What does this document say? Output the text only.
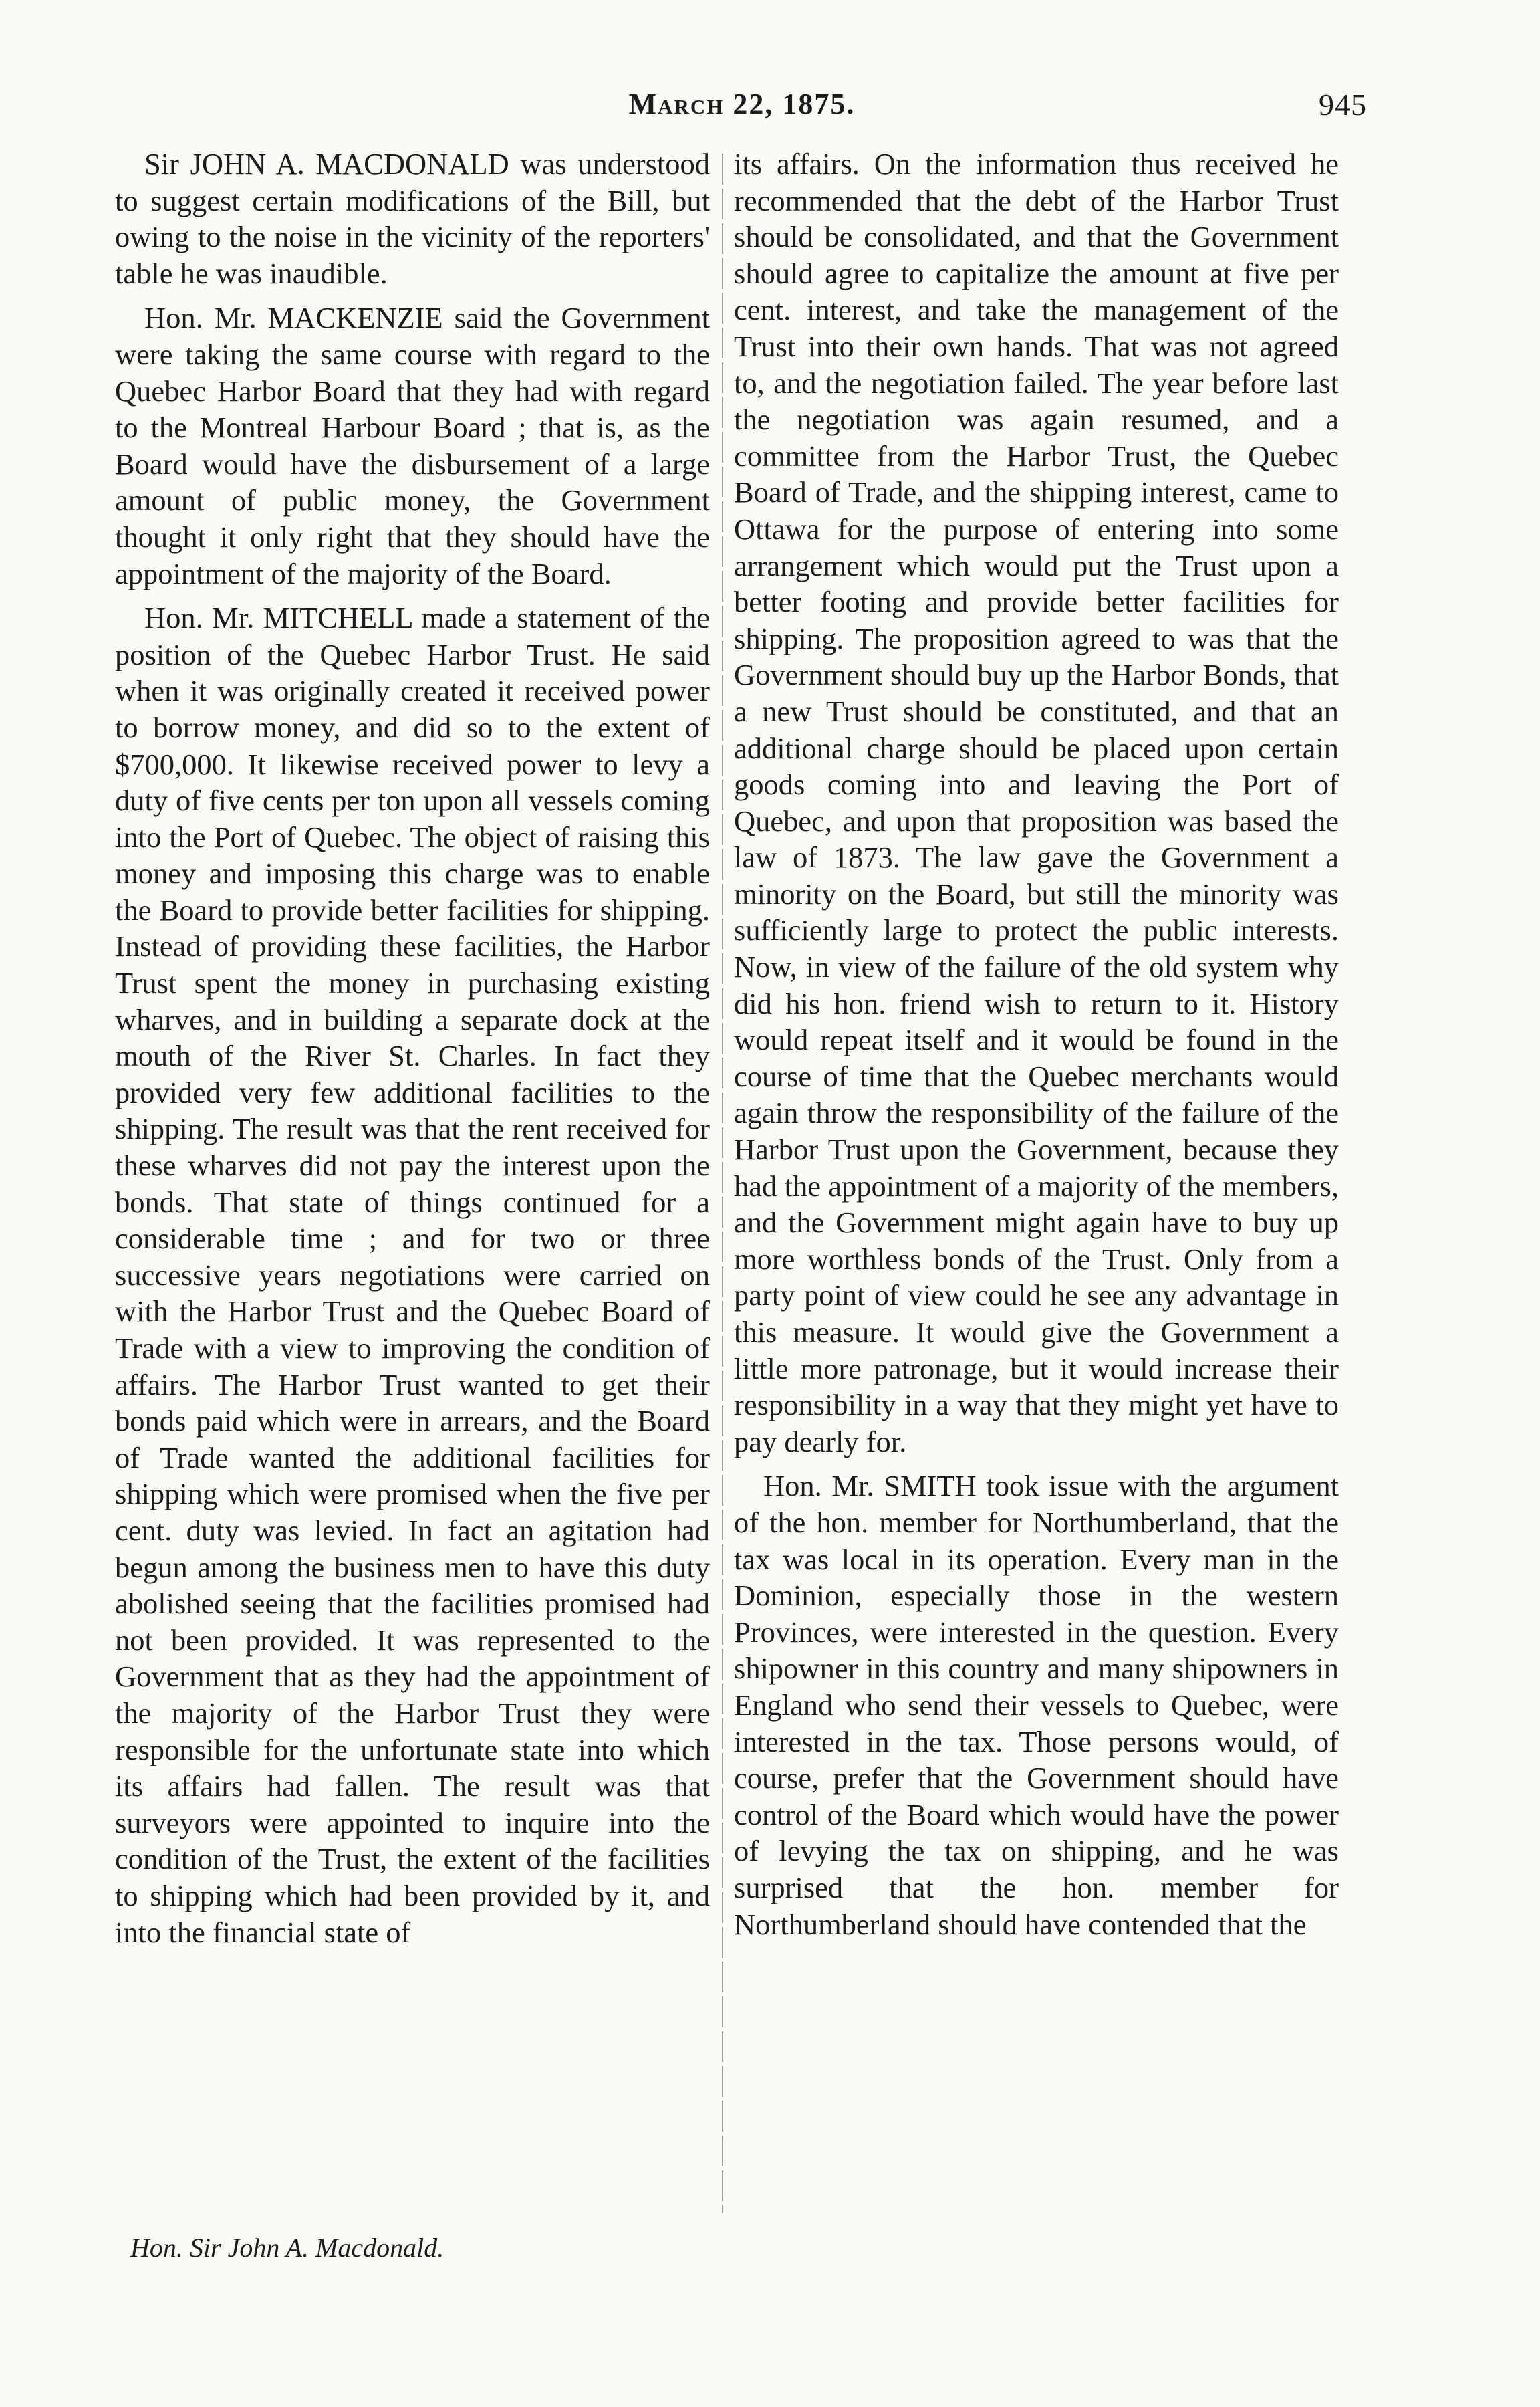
March 22, 1875.	945

Sir JOHN A. MACDONALD was understood to suggest certain modifications of the Bill, but owing to the noise in the vicinity of the reporters' table he was inaudible.

Hon. Mr. MACKENZIE said the Government were taking the same course with regard to the Quebec Harbor Board that they had with regard to the Montreal Harbour Board ; that is, as the Board would have the disbursement of a large amount of public money, the Government thought it only right that they should have the appointment of the majority of the Board.

Hon. Mr. MITCHELL made a statement of the position of the Quebec Harbor Trust. He said when it was originally created it received power to borrow money, and did so to the extent of $700,000. It likewise received power to levy a duty of five cents per ton upon all vessels coming into the Port of Quebec. The object of raising this money and imposing this charge was to enable the Board to provide better facilities for shipping. Instead of providing these facilities, the Harbor Trust spent the money in purchasing existing wharves, and in building a separate dock at the mouth of the River St. Charles. In fact they provided very few additional facilities to the shipping. The result was that the rent received for these wharves did not pay the interest upon the bonds. That state of things continued for a considerable time ; and for two or three successive years negotiations were carried on with the Harbor Trust and the Quebec Board of Trade with a view to improving the condition of affairs. The Harbor Trust wanted to get their bonds paid which were in arrears, and the Board of Trade wanted the additional facilities for shipping which were promised when the five per cent. duty was levied. In fact an agitation had begun among the business men to have this duty abolished seeing that the facilities promised had not been provided. It was represented to the Government that as they had the appointment of the majority of the Harbor Trust they were responsible for the unfortunate state into which its affairs had fallen. The result was that surveyors were appointed to inquire into the condition of the Trust, the extent of the facilities to shipping which had been provided by it, and into the financial state of

its affairs. On the information thus received he recommended that the debt of the Harbor Trust should be consolidated, and that the Government should agree to capitalize the amount at five per cent. interest, and take the management of the Trust into their own hands. That was not agreed to, and the negotiation failed. The year before last the negotiation was again resumed, and a committee from the Harbor Trust, the Quebec Board of Trade, and the shipping interest, came to Ottawa for the purpose of entering into some arrangement which would put the Trust upon a better footing and provide better facilities for shipping. The proposition agreed to was that the Government should buy up the Harbor Bonds, that a new Trust should be constituted, and that an additional charge should be placed upon certain goods coming into and leaving the Port of Quebec, and upon that proposition was based the law of 1873. The law gave the Government a minority on the Board, but still the minority was sufficiently large to protect the public interests. Now, in view of the failure of the old system why did his hon. friend wish to return to it. History would repeat itself and it would be found in the course of time that the Quebec merchants would again throw the responsibility of the failure of the Harbor Trust upon the Government, because they had the appointment of a majority of the members, and the Government might again have to buy up more worthless bonds of the Trust. Only from a party point of view could he see any advantage in this measure. It would give the Government a little more patronage, but it would increase their responsibility in a way that they might yet have to pay dearly for.

Hon. Mr. SMITH took issue with the argument of the hon. member for Northumberland, that the tax was local in its operation. Every man in the Dominion, especially those in the western Provinces, were interested in the question. Every shipowner in this country and many shipowners in England who send their vessels to Quebec, were interested in the tax. Those persons would, of course, prefer that the Government should have control of the Board which would have the power of levying the tax on shipping, and he was surprised that the hon. member for Northumberland should have contended that the

Hon. Sir John A. Macdonald.
